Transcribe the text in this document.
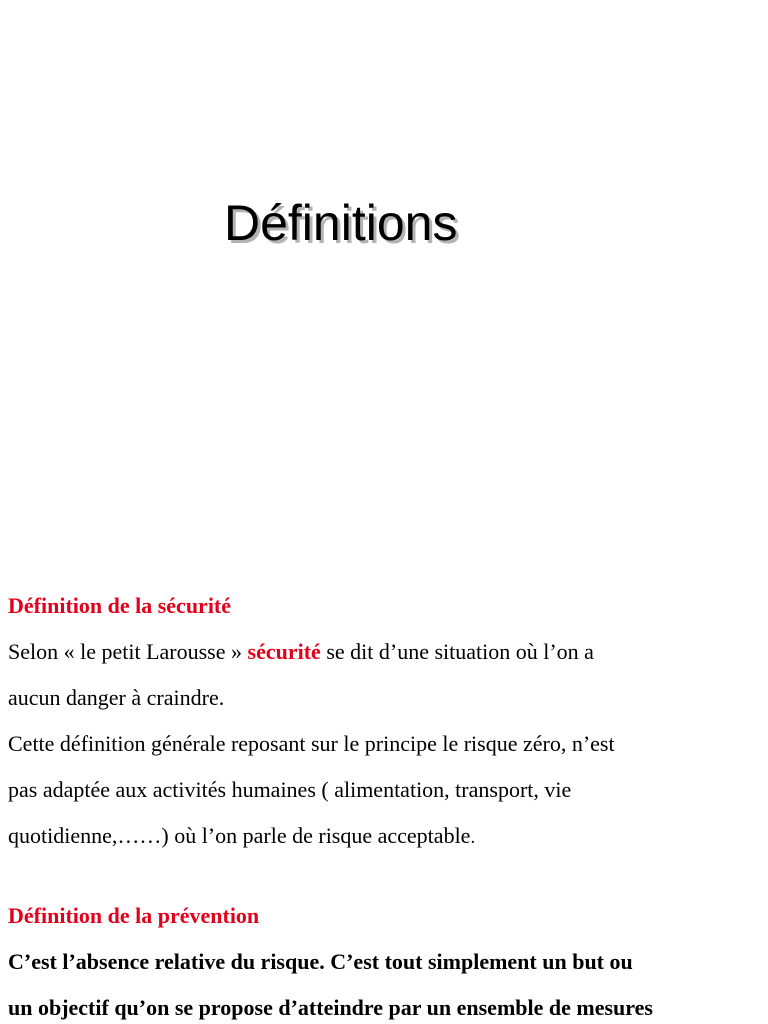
Définitions
Définition de la sécurité
Selon « le petit Larousse » sécurité se dit d’une situation où l’on a
aucun danger à craindre.
Cette définition générale reposant sur le principe le risque zéro, n’est
pas adaptée aux activités humaines ( alimentation, transport, vie
quotidienne,……) où l’on parle de risque acceptable.
Définition de la prévention
C’est l’absence relative du risque. C’est tout simplement un but ou
un objectif qu’on se propose d’atteindre par un ensemble de mesures
